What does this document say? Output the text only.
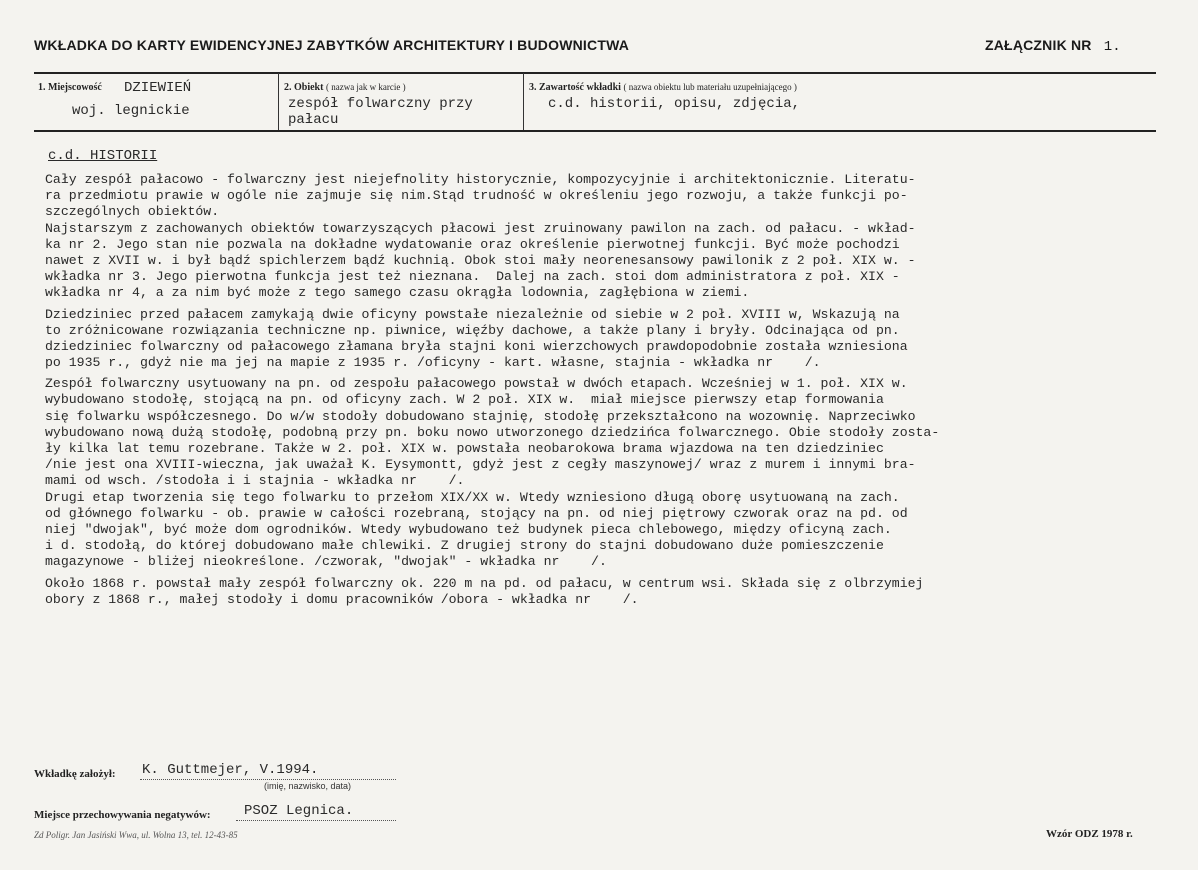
WKŁADKA DO KARTY EWIDENCYJNEJ ZABYTKÓW ARCHITEKTURY I BUDOWNICTWA	ZAŁĄCZNIK NR 1.
1. Miejscowość DZIEWIEŃ
woj. legnickie
2. Obiekt ( nazwa jak w karcie )
zespół folwarczny przy
pałacu
3. Zawartość wkładki ( nazwa obiektu lub materiału uzupełniającego )
c.d. historii, opisu, zdjęcia,
c.d. HISTORII
Cały zespół pałacowo - folwarczny jest niejefnolity historycznie, kompozycyjnie i architektonicznie. Literatu-
ra przedmiotu prawie w ogóle nie zajmuje się nim.Stąd trudność w określeniu jego rozwoju, a także funkcji po-
szczególnych obiektów.
Najstarszym z zachowanych obiektów towarzyszących płacowi jest zruinowany pawilon na zach. od pałacu. - wkład-
ka nr 2. Jego stan nie pozwala na dokładne wydatowanie oraz określenie pierwotnej funkcji. Być może pochodzi
nawet z XVII w. i był bądź spichlerzem bądź kuchnią. Obok stoi mały neorenesansowy pawilonik z 2 poł. XIX w. -
wkładka nr 3. Jego pierwotna funkcja jest też nieznana.  Dalej na zach. stoi dom administratora z poł. XIX -
wkładka nr 4, a za nim być może z tego samego czasu okrągła lodownia, zagłębiona w ziemi.
Dziedziniec przed pałacem zamykają dwie oficyny powstałe niezależnie od siebie w 2 poł. XVIII w, Wskazują na
to zróżnicowane rozwiązania techniczne np. piwnice, więźby dachowe, a także plany i bryły. Odcinająca od pn.
dziedziniec folwarczny od pałacowego złamana bryła stajni koni wierzchowych prawdopodobnie została wzniesiona
po 1935 r., gdyż nie ma jej na mapie z 1935 r. /oficyny - kart. własne, stajnia - wkładka nr    /.
Zespół folwarczny usytuowany na pn. od zespołu pałacowego powstał w dwóch etapach. Wcześniej w 1. poł. XIX w.
wybudowano stodołę, stojącą na pn. od oficyny zach. W 2 poł. XIX w.  miał miejsce pierwszy etap formowania
się folwarku współczesnego. Do w/w stodoły dobudowano stajnię, stodołę przekształcono na wozownię. Naprzeciwko
wybudowano nową dużą stodołę, podobną przy pn. boku nowo utworzonego dziedzińca folwarcznego. Obie stodoły zosta-
ły kilka lat temu rozebrane. Także w 2. poł. XIX w. powstała neobarokowa brama wjazdowa na ten dziedziniec
/nie jest ona XVIII-wieczna, jak uważał K. Eysymontt, gdyż jest z cegły maszynowej/ wraz z murem i innymi bra-
mami od wsch. /stodoła i i stajnia - wkładka nr    /.
Drugi etap tworzenia się tego folwarku to przełom XIX/XX w. Wtedy wzniesiono długą oborę usytuowaną na zach.
od głównego folwarku - ob. prawie w całości rozebraną, stojący na pn. od niej piętrowy czworak oraz na pd. od
niej "dwojak", być może dom ogrodników. Wtedy wybudowano też budynek pieca chlebowego, między oficyną zach.
i d. stodołą, do której dobudowano małe chlewiki. Z drugiej strony do stajni dobudowano duże pomieszczenie
magazynowe - bliżej nieokreślone. /czworak, "dwojak" - wkładka nr    /.
Około 1868 r. powstał mały zespół folwarczny ok. 220 m na pd. od pałacu, w centrum wsi. Składa się z olbrzymiej
obory z 1868 r., małej stodoły i domu pracowników /obora - wkładka nr    /.
Wkładkę założył: K. Guttmejer, V.1994.
(imię, nazwisko, data)
Miejsce przechowywania negatywów: PSOZ Legnica.
Zd Poligr. Jan Jasiński Wwa, ul. Wolna 13, tel. 12-43-85	Wzór ODZ 1978 r.
